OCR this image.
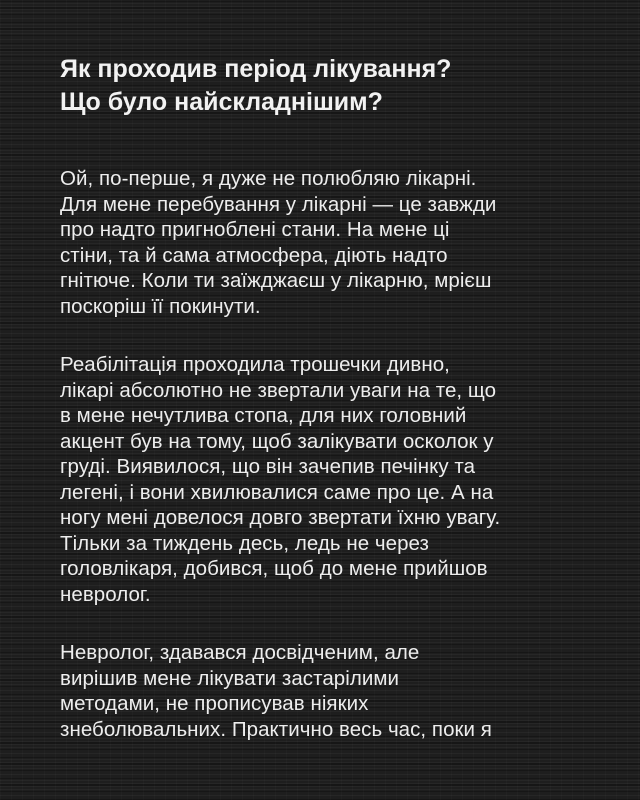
Як проходив період лікування?
Що було найскладнішим?

Ой, по-перше, я дуже не полюбляю лікарні.
Для мене перебування у лікарні — це завжди
про надто пригноблені стани. На мене ці
стіни, та й сама атмосфера, діють надто
гнітюче. Коли ти заїжджаєш у лікарню, мрієш
поскоріш її покинути.

Реабілітація проходила трошечки дивно,
лікарі абсолютно не звертали уваги на те, що
в мене нечутлива стопа, для них головний
акцент був на тому, щоб залікувати осколок у
груді. Виявилося, що він зачепив печінку та
легені, і вони хвилювалися саме про це. А на
ногу мені довелося довго звертати їхню увагу.
Тільки за тиждень десь, ледь не через
головлікаря, добився, щоб до мене прийшов
невролог.

Невролог, здавався досвідченим, але
вирішив мене лікувати застарілими
методами, не прописував ніяких
знеболювальних. Практично весь час, поки я
